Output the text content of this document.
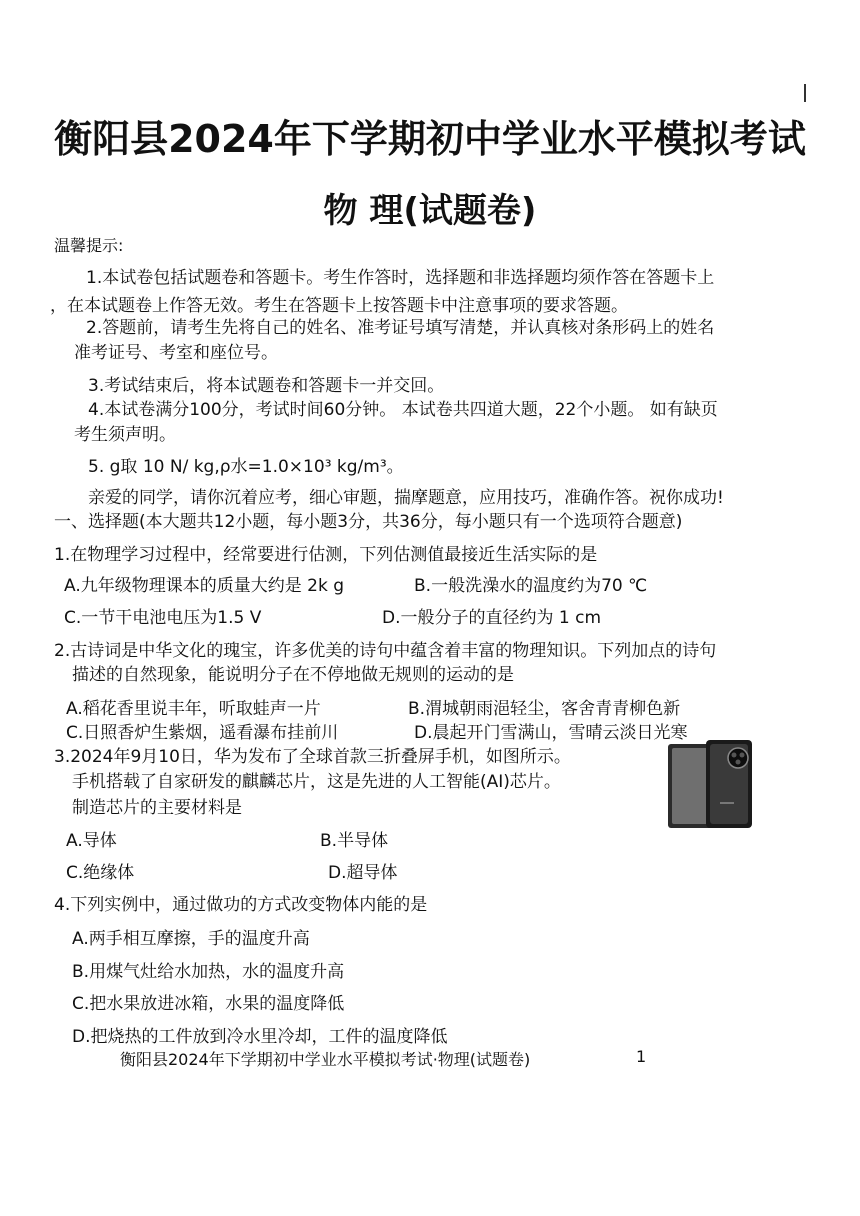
衡阳县2024年下学期初中学业水平模拟考试
物 理(试题卷)
温馨提示:
1.本试卷包括试题卷和答题卡。考生作答时，选择题和非选择题均须作答在答题卡上
，在本试题卷上作答无效。考生在答题卡上按答题卡中注意事项的要求答题。
2.答题前，请考生先将自己的姓名、准考证号填写清楚，并认真核对条形码上的姓名
准考证号、考室和座位号。
3.考试结束后，将本试题卷和答题卡一并交回。
4.本试卷满分100分，考试时间60分钟。 本试卷共四道大题，22个小题。 如有缺页
考生须声明。
5. g取 10 N/ kg,ρ水=1.0×10³ kg/m³。
亲爱的同学，请你沉着应考，细心审题，揣摩题意，应用技巧，准确作答。祝你成功!
一、选择题(本大题共12小题，每小题3分，共36分，每小题只有一个选项符合题意)
1.在物理学习过程中，经常要进行估测，下列估测值最接近生活实际的是
A.九年级物理课本的质量大约是 2k g	B.一般洗澡水的温度约为70 ℃
C.一节干电池电压为1.5 V	D.一般分子的直径约为 1 cm
2.古诗词是中华文化的瑰宝，许多优美的诗句中蕴含着丰富的物理知识。下列加点的诗句
描述的自然现象，能说明分子在不停地做无规则的运动的是
A.稻花香里说丰年，听取蛙声一片	B.渭城朝雨浥轻尘，客舍青青柳色新
C.日照香炉生紫烟，遥看瀑布挂前川	D.晨起开门雪满山，雪晴云淡日光寒
3.2024年9月10日，华为发布了全球首款三折叠屏手机，如图所示。
手机搭载了自家研发的麒麟芯片，这是先进的人工智能(AI)芯片。
制造芯片的主要材料是
A.导体	B.半导体
C.绝缘体	D.超导体
4.下列实例中，通过做功的方式改变物体内能的是
A.两手相互摩擦，手的温度升高
B.用煤气灶给水加热，水的温度升高
C.把水果放进冰箱，水果的温度降低
D.把烧热的工件放到冷水里冷却，工件的温度降低
衡阳县2024年下学期初中学业水平模拟考试·物理(试题卷)	1
